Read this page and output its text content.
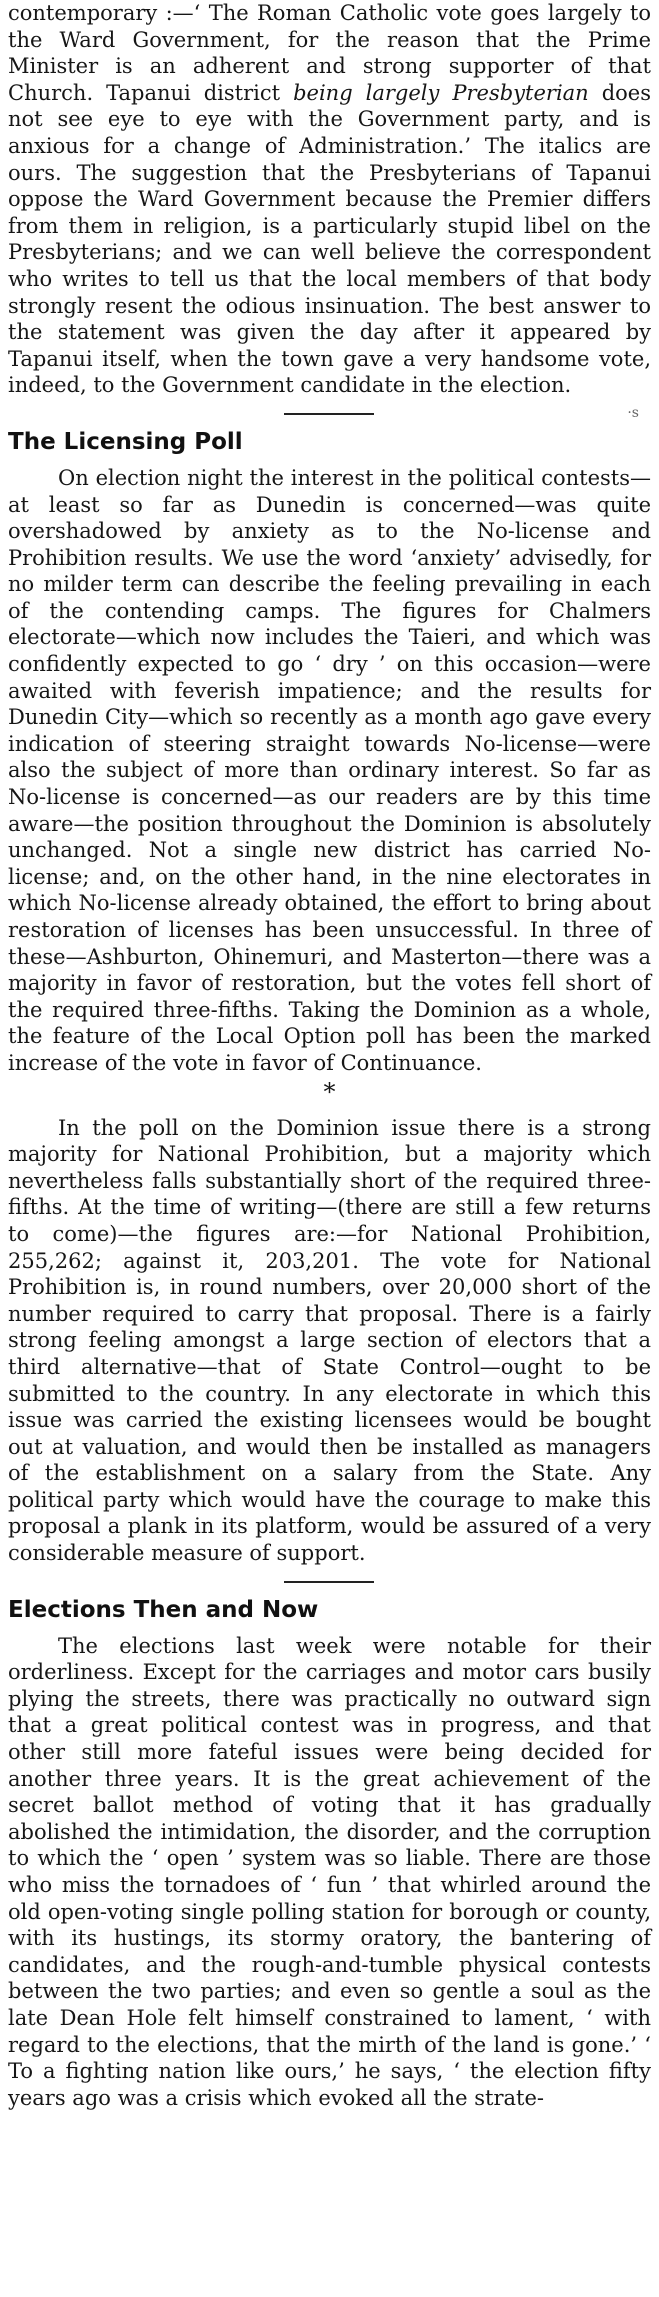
contemporary :—‘ The Roman Catholic vote goes largely to the Ward Government, for the reason that the Prime Minister is an adherent and strong supporter of that Church. Tapanui district being largely Presbyterian does not see eye to eye with the Government party, and is anxious for a change of Administration.’ The italics are ours. The suggestion that the Presbyterians of Tapanui oppose the Ward Government because the Premier differs from them in religion, is a particularly stupid libel on the Presbyterians; and we can well believe the correspondent who writes to tell us that the local members of that body strongly resent the odious insinuation. The best answer to the statement was given the day after it appeared by Tapanui itself, when the town gave a very handsome vote, indeed, to the Government candidate in the election.

·s
The Licensing Poll

On election night the interest in the political contests—at least so far as Dunedin is concerned—was quite overshadowed by anxiety as to the No-license and Prohibition results. We use the word ‘anxiety’ advisedly, for no milder term can describe the feeling prevailing in each of the contending camps. The figures for Chalmers electorate—which now includes the Taieri, and which was confidently expected to go ‘ dry ’ on this occasion—were awaited with feverish impatience; and the results for Dunedin City—which so recently as a month ago gave every indication of steering straight towards No-license—were also the subject of more than ordinary interest. So far as No-license is concerned—as our readers are by this time aware—the position throughout the Dominion is absolutely unchanged. Not a single new district has carried No-license; and, on the other hand, in the nine electorates in which No-license already obtained, the effort to bring about restoration of licenses has been unsuccessful. In three of these—Ashburton, Ohinemuri, and Masterton—there was a majority in favor of restoration, but the votes fell short of the required three-fifths. Taking the Dominion as a whole, the feature of the Local Option poll has been the marked increase of the vote in favor of Continuance.

*

In the poll on the Dominion issue there is a strong majority for National Prohibition, but a majority which nevertheless falls substantially short of the required three-fifths. At the time of writing—(there are still a few returns to come)—the figures are:—for National Prohibition, 255,262; against it, 203,201. The vote for National Prohibition is, in round numbers, over 20,000 short of the number required to carry that proposal. There is a fairly strong feeling amongst a large section of electors that a third alternative—that of State Control—ought to be submitted to the country. In any electorate in which this issue was carried the existing licensees would be bought out at valuation, and would then be installed as managers of the establishment on a salary from the State. Any political party which would have the courage to make this proposal a plank in its platform, would be assured of a very considerable measure of support.

Elections Then and Now

The elections last week were notable for their orderliness. Except for the carriages and motor cars busily plying the streets, there was practically no outward sign that a great political contest was in progress, and that other still more fateful issues were being decided for another three years. It is the great achievement of the secret ballot method of voting that it has gradually abolished the intimidation, the disorder, and the corruption to which the ‘ open ’ system was so liable. There are those who miss the tornadoes of ‘ fun ’ that whirled around the old open-voting single polling station for borough or county, with its hustings, its stormy oratory, the bantering of candidates, and the rough-and-tumble physical contests between the two parties; and even so gentle a soul as the late Dean Hole felt himself constrained to lament, ‘ with regard to the elections, that the mirth of the land is gone.’ ‘ To a fighting nation like ours,’ he says, ‘ the election fifty years ago was a crisis which evoked all the strate-
